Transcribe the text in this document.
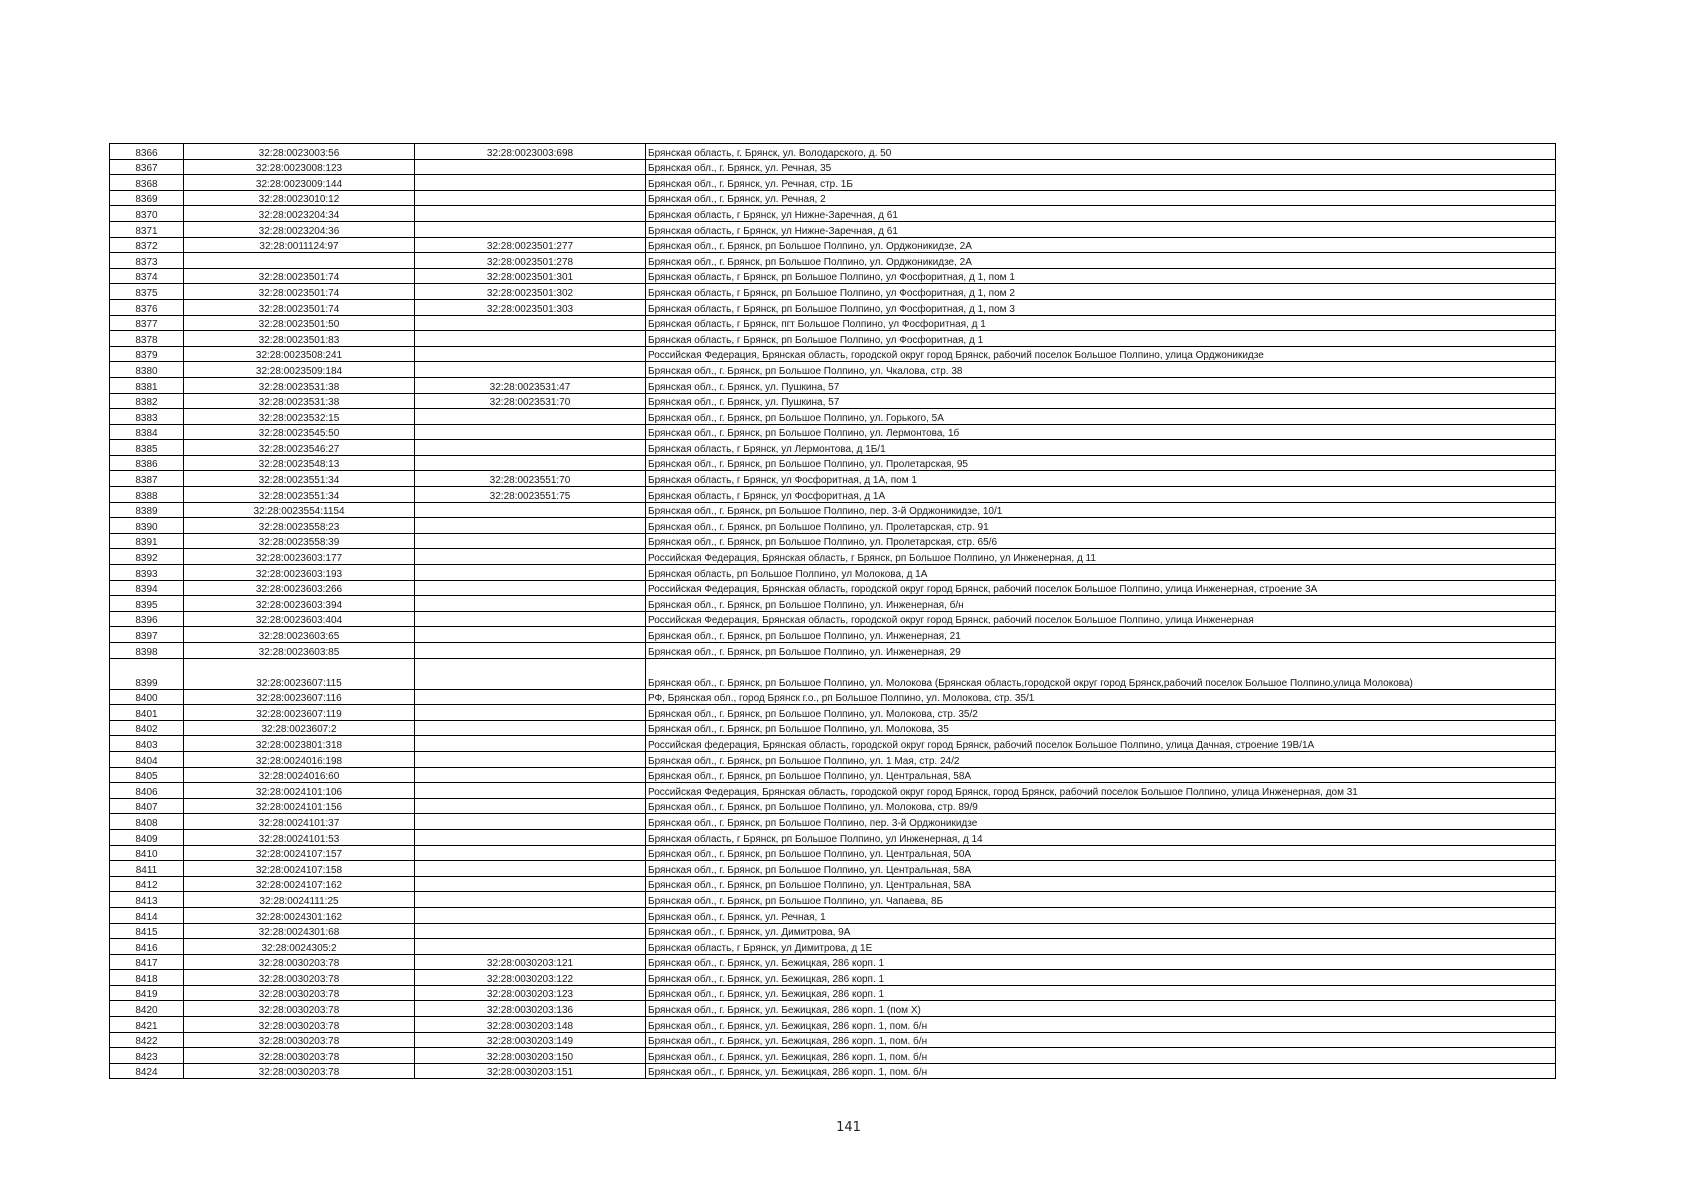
8366	32:28:0023003:56	32:28:0023003:698	Брянская область, г. Брянск, ул. Володарского, д. 50
8367	32:28:0023008:123		Брянская обл., г. Брянск, ул. Речная, 35
8368	32:28:0023009:144		Брянская обл., г. Брянск, ул. Речная, стр. 1Б
8369	32:28:0023010:12		Брянская обл., г. Брянск, ул. Речная, 2
8370	32:28:0023204:34		Брянская область, г Брянск, ул Нижне-Заречная, д 61
8371	32:28:0023204:36		Брянская область, г Брянск, ул Нижне-Заречная, д 61
8372	32:28:0011124:97	32:28:0023501:277	Брянская обл., г. Брянск, рп Большое Полпино, ул. Орджоникидзе, 2А
8373		32:28:0023501:278	Брянская обл., г. Брянск, рп Большое Полпино, ул. Орджоникидзе, 2А
8374	32:28:0023501:74	32:28:0023501:301	Брянская область, г Брянск, рп Большое Полпино, ул Фосфоритная, д 1, пом 1
8375	32:28:0023501:74	32:28:0023501:302	Брянская область, г Брянск, рп Большое Полпино, ул Фосфоритная, д 1, пом 2
8376	32:28:0023501:74	32:28:0023501:303	Брянская область, г Брянск, рп Большое Полпино, ул Фосфоритная, д 1, пом 3
8377	32:28:0023501:50		Брянская область, г Брянск, пгт Большое Полпино, ул Фосфоритная, д 1
8378	32:28:0023501:83		Брянская область, г Брянск, рп Большое Полпино, ул Фосфоритная, д 1
8379	32:28:0023508:241		Российская Федерация, Брянская область, городской округ город Брянск, рабочий поселок Большое Полпино, улица Орджоникидзе
8380	32:28:0023509:184		Брянская обл., г. Брянск, рп Большое Полпино, ул. Чкалова, стр. 38
8381	32:28:0023531:38	32:28:0023531:47	Брянская обл., г. Брянск, ул. Пушкина, 57
8382	32:28:0023531:38	32:28:0023531:70	Брянская обл., г. Брянск, ул. Пушкина, 57
8383	32:28:0023532:15		Брянская обл., г. Брянск, рп Большое Полпино, ул. Горького, 5А
8384	32:28:0023545:50		Брянская обл., г. Брянск, рп Большое Полпино, ул. Лермонтова, 1б
8385	32:28:0023546:27		Брянская область, г Брянск, ул Лермонтова, д 1Б/1
8386	32:28:0023548:13		Брянская обл., г. Брянск, рп Большое Полпино, ул. Пролетарская, 95
8387	32:28:0023551:34	32:28:0023551:70	Брянская область, г Брянск, ул Фосфоритная, д 1А, пом 1
8388	32:28:0023551:34	32:28:0023551:75	Брянская область, г Брянск, ул Фосфоритная, д 1А
8389	32:28:0023554:1154		Брянская обл., г. Брянск, рп Большое Полпино, пер. 3-й Орджоникидзе, 10/1
8390	32:28:0023558:23		Брянская обл., г. Брянск, рп Большое Полпино, ул. Пролетарская, стр. 91
8391	32:28:0023558:39		Брянская обл., г. Брянск, рп Большое Полпино, ул. Пролетарская, стр. 65/6
8392	32:28:0023603:177		Российская Федерация, Брянская область, г Брянск, рп Большое Полпино, ул Инженерная, д 11
8393	32:28:0023603:193		Брянская область, рп Большое Полпино, ул Молокова, д 1А
8394	32:28:0023603:266		Российская Федерация, Брянская область, городской округ город Брянск, рабочий поселок Большое Полпино, улица Инженерная, строение 3А
8395	32:28:0023603:394		Брянская обл., г. Брянск, рп Большое Полпино, ул. Инженерная, б/н
8396	32:28:0023603:404		Российская Федерация, Брянская область, городской округ город Брянск, рабочий поселок Большое Полпино, улица Инженерная
8397	32:28:0023603:65		Брянская обл., г. Брянск, рп Большое Полпино, ул. Инженерная, 21
8398	32:28:0023603:85		Брянская обл., г. Брянск, рп Большое Полпино, ул. Инженерная, 29
8399	32:28:0023607:115		Брянская обл., г. Брянск, рп Большое Полпино, ул. Молокова (Брянская область,городской округ город Брянск,рабочий поселок Большое Полпино,улица Молокова)
8400	32:28:0023607:116		РФ, Брянская обл., город Брянск г.о., рп Большое Полпино, ул. Молокова, стр. 35/1
8401	32:28:0023607:119		Брянская обл., г. Брянск, рп Большое Полпино, ул. Молокова, стр. 35/2
8402	32:28:0023607:2		Брянская обл., г. Брянск, рп Большое Полпино, ул. Молокова, 35
8403	32:28:0023801:318		Российская федерация, Брянская область, городской округ город Брянск, рабочий поселок Большое Полпино, улица Дачная, строение 19В/1А
8404	32:28:0024016:198		Брянская обл., г. Брянск, рп Большое Полпино, ул. 1 Мая, стр. 24/2
8405	32:28:0024016:60		Брянская обл., г. Брянск, рп Большое Полпино, ул. Центральная, 58А
8406	32:28:0024101:106		Российская Федерация, Брянская область, городской округ город Брянск, город Брянск, рабочий поселок Большое Полпино, улица Инженерная, дом 31
8407	32:28:0024101:156		Брянская обл., г. Брянск, рп Большое Полпино, ул. Молокова, стр. 89/9
8408	32:28:0024101:37		Брянская обл., г. Брянск, рп Большое Полпино, пер. 3-й Орджоникидзе
8409	32:28:0024101:53		Брянская область, г Брянск, рп Большое Полпино, ул Инженерная, д 14
8410	32:28:0024107:157		Брянская обл., г. Брянск, рп Большое Полпино, ул. Центральная, 50А
8411	32:28:0024107:158		Брянская обл., г. Брянск, рп Большое Полпино, ул. Центральная, 58А
8412	32:28:0024107:162		Брянская обл., г. Брянск, рп Большое Полпино, ул. Центральная, 58А
8413	32:28:0024111:25		Брянская обл., г. Брянск, рп Большое Полпино, ул. Чапаева, 8Б
8414	32:28:0024301:162		Брянская обл., г. Брянск, ул. Речная, 1
8415	32:28:0024301:68		Брянская обл., г. Брянск, ул. Димитрова, 9А
8416	32:28:0024305:2		Брянская область, г Брянск, ул Димитрова, д 1Е
8417	32:28:0030203:78	32:28:0030203:121	Брянская обл., г. Брянск, ул. Бежицкая, 286 корп. 1
8418	32:28:0030203:78	32:28:0030203:122	Брянская обл., г. Брянск, ул. Бежицкая, 286 корп. 1
8419	32:28:0030203:78	32:28:0030203:123	Брянская обл., г. Брянск, ул. Бежицкая, 286 корп. 1
8420	32:28:0030203:78	32:28:0030203:136	Брянская обл., г. Брянск, ул. Бежицкая, 286 корп. 1 (пом Х)
8421	32:28:0030203:78	32:28:0030203:148	Брянская обл., г. Брянск, ул. Бежицкая, 286 корп. 1, пом. б/н
8422	32:28:0030203:78	32:28:0030203:149	Брянская обл., г. Брянск, ул. Бежицкая, 286 корп. 1, пом. б/н
8423	32:28:0030203:78	32:28:0030203:150	Брянская обл., г. Брянск, ул. Бежицкая, 286 корп. 1, пом. б/н
8424	32:28:0030203:78	32:28:0030203:151	Брянская обл., г. Брянск, ул. Бежицкая, 286 корп. 1, пом. б/н
141
